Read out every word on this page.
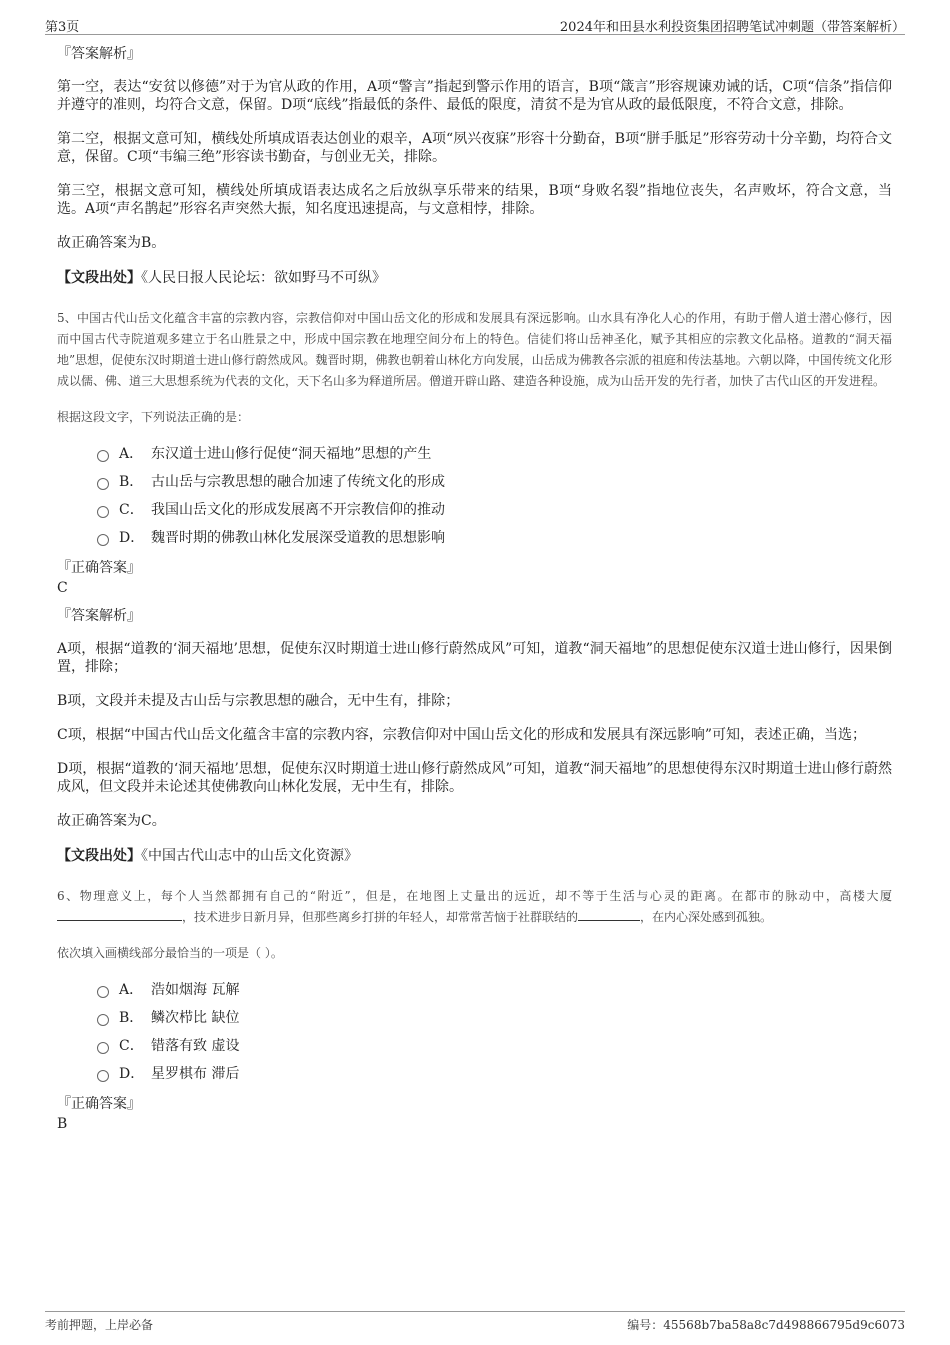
第3页	2024年和田县水利投资集团招聘笔试冲刺题（带答案解析）
『答案解析』

第一空，表达“安贫以修德”对于为官从政的作用，A项“警言”指起到警示作用的语言，B项“箴言”形容规谏劝诫的话，C项“信条”指信仰并遵守的准则，均符合文意，保留。D项“底线”指最低的条件、最低的限度，清贫不是为官从政的最低限度，不符合文意，排除。

第二空，根据文意可知，横线处所填成语表达创业的艰辛，A项“夙兴夜寐”形容十分勤奋，B项“胼手胝足”形容劳动十分辛勤，均符合文意，保留。C项“韦编三绝”形容读书勤奋，与创业无关，排除。

第三空，根据文意可知，横线处所填成语表达成名之后放纵享乐带来的结果，B项“身败名裂”指地位丧失，名声败坏，符合文意，当选。A项“声名鹊起”形容名声突然大振，知名度迅速提高，与文意相悖，排除。

故正确答案为B。

【文段出处】《人民日报人民论坛：欲如野马不可纵》

5、中国古代山岳文化蕴含丰富的宗教内容，宗教信仰对中国山岳文化的形成和发展具有深远影响。山水具有净化人心的作用，有助于僧人道士潜心修行，因而中国古代寺院道观多建立于名山胜景之中，形成中国宗教在地理空间分布上的特色。信徒们将山岳神圣化，赋予其相应的宗教文化品格。道教的“洞天福地”思想，促使东汉时期道士进山修行蔚然成风。魏晋时期，佛教也朝着山林化方向发展，山岳成为佛教各宗派的祖庭和传法基地。六朝以降，中国传统文化形成以儒、佛、道三大思想系统为代表的文化，天下名山多为释道所居。僧道开辟山路、建造各种设施，成为山岳开发的先行者，加快了古代山区的开发进程。

根据这段文字，下列说法正确的是：

A． 东汉道士进山修行促使“洞天福地”思想的产生
B． 古山岳与宗教思想的融合加速了传统文化的形成
C． 我国山岳文化的形成发展离不开宗教信仰的推动
D． 魏晋时期的佛教山林化发展深受道教的思想影响
『正确答案』
C
『答案解析』

A项，根据“道教的‘洞天福地’思想，促使东汉时期道士进山修行蔚然成风”可知，道教“洞天福地”的思想促使东汉道士进山修行，因果倒置，排除；

B项，文段并未提及古山岳与宗教思想的融合，无中生有，排除；

C项，根据“中国古代山岳文化蕴含丰富的宗教内容，宗教信仰对中国山岳文化的形成和发展具有深远影响”可知，表述正确，当选；

D项，根据“道教的‘洞天福地’思想，促使东汉时期道士进山修行蔚然成风”可知，道教“洞天福地”的思想使得东汉时期道士进山修行蔚然成风，但文段并未论述其使佛教向山林化发展，无中生有，排除。

故正确答案为C。

【文段出处】《中国古代山志中的山岳文化资源》

6、物理意义上，每个人当然都拥有自己的“附近”，但是，在地图上丈量出的远近，却不等于生活与心灵的距离。在都市的脉动中，高楼大厦，技术进步日新月异，但那些离乡打拼的年轻人，却常常苦恼于社群联结的	，在内心深处感到孤独。

依次填入画横线部分最恰当的一项是（ ）。

A． 浩如烟海 瓦解
B． 鳞次栉比 缺位
C． 错落有致 虚设
D． 星罗棋布 滞后
『正确答案』
B
考前押题，上岸必备	编号：45568b7ba58a8c7d498866795d9c6073
